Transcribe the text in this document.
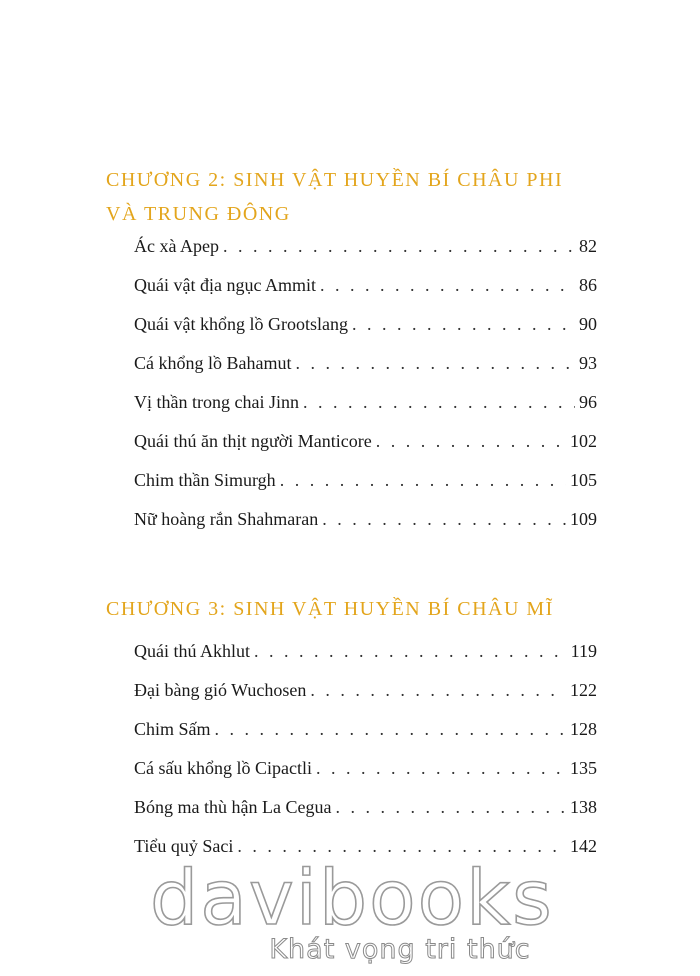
CHƯƠNG 2: SINH VẬT HUYỀN BÍ CHÂU PHI
VÀ TRUNG ĐÔNG
Ác xà Apep . . .	82
Quái vật địa ngục Ammit . . .	86
Quái vật khổng lồ Grootslang . . .	90
Cá khổng lồ Bahamut . . .	93
Vị thần trong chai Jinn . . .	96
Quái thú ăn thịt người Manticore . . .	102
Chim thần Simurgh . . .	105
Nữ hoàng rắn Shahmaran . . .	109
CHƯƠNG 3: SINH VẬT HUYỀN BÍ CHÂU MĨ
Quái thú Akhlut . . .	119
Đại bàng gió Wuchosen . . .	122
Chim Sấm . . .	128
Cá sấu khổng lồ Cipactli . . .	135
Bóng ma thù hận La Cegua . . .	138
Tiểu quỷ Saci . . .	142
davibooks
Khát vọng tri thức
